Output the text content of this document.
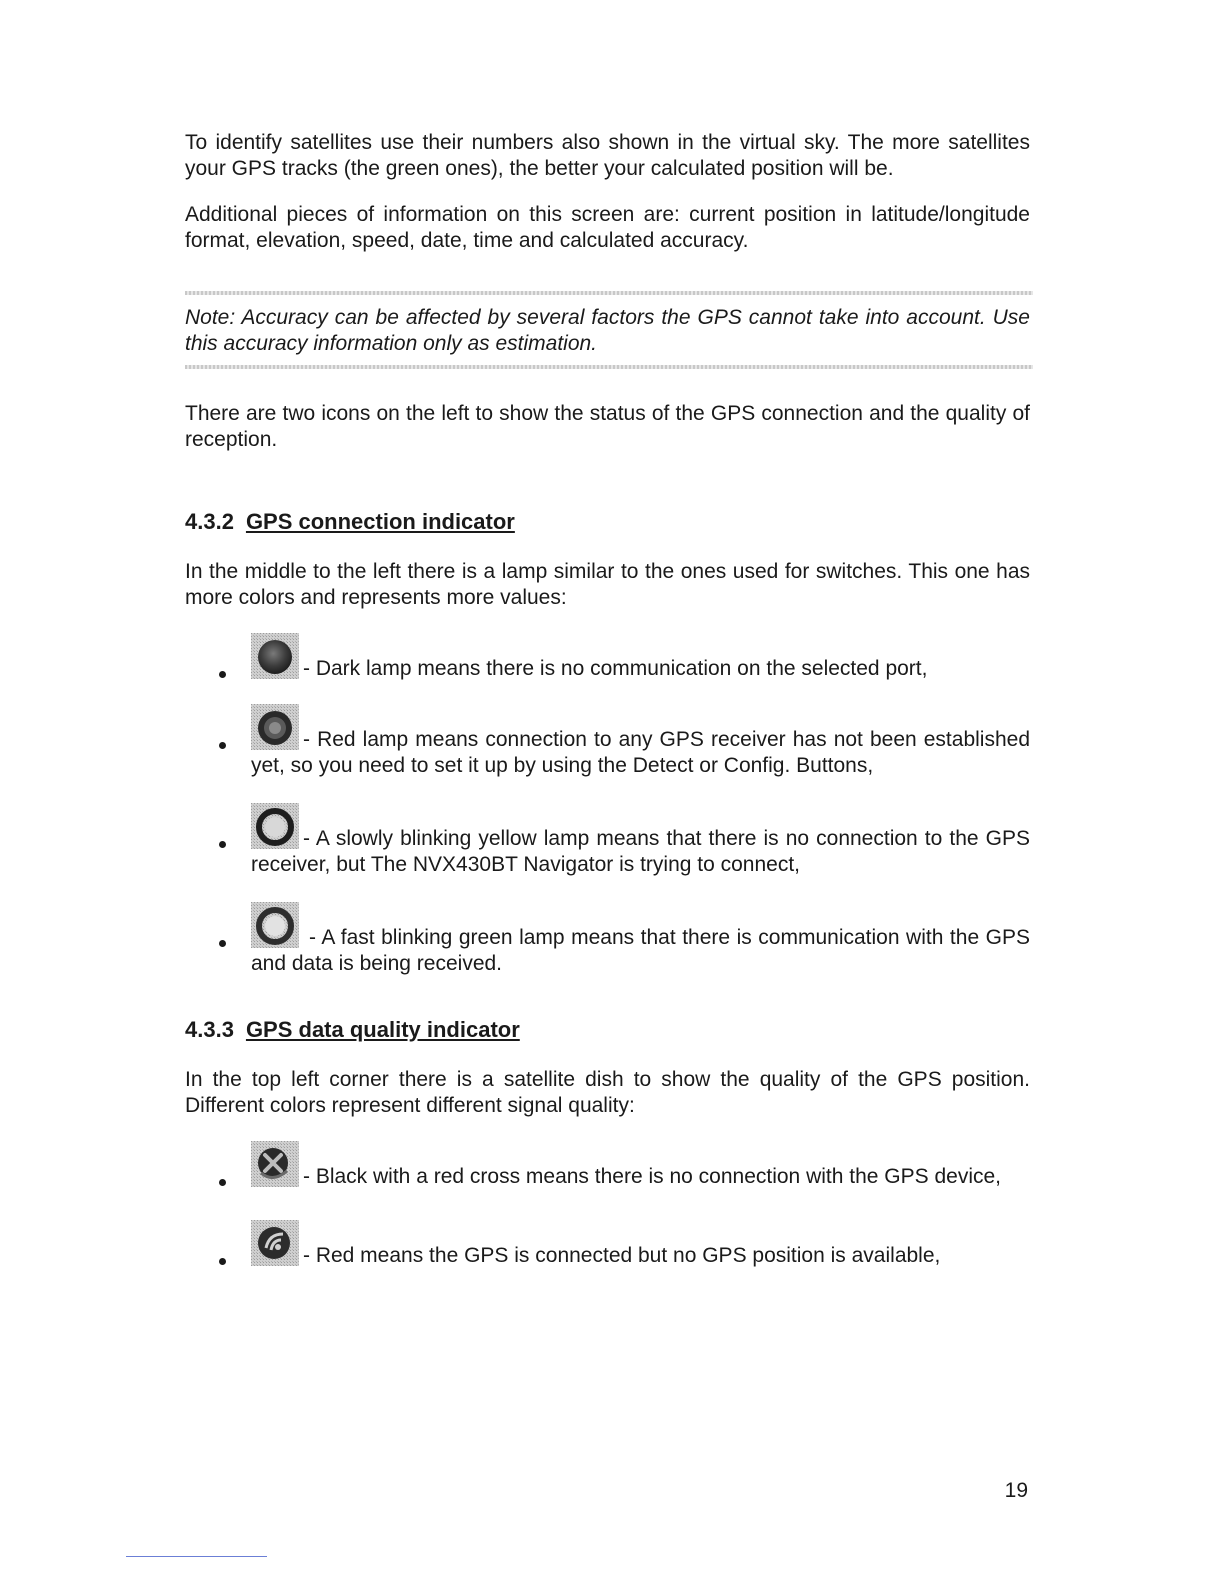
To identify satellites use their numbers also shown in the virtual sky. The more satellites your GPS tracks (the green ones), the better your calculated position will be.

Additional pieces of information on this screen are: current position in latitude/longitude format, elevation, speed, date, time and calculated accuracy.

Note: Accuracy can be affected by several factors the GPS cannot take into account. Use this accuracy information only as estimation.

There are two icons on the left to show the status of the GPS connection and the quality of reception.

4.3.2 GPS connection indicator

In the middle to the left there is a lamp similar to the ones used for switches. This one has more colors and represents more values:

- Dark lamp means there is no communication on the selected port,
- Red lamp means connection to any GPS receiver has not been established yet, so you need to set it up by using the Detect or Config. Buttons,
- A slowly blinking yellow lamp means that there is no connection to the GPS receiver, but The NVX430BT Navigator is trying to connect,
- A fast blinking green lamp means that there is communication with the GPS and data is being received.
4.3.3 GPS data quality indicator

In the top left corner there is a satellite dish to show the quality of the GPS position. Different colors represent different signal quality:

- Black with a red cross means there is no connection with the GPS device,
- Red means the GPS is connected but no GPS position is available,
19
